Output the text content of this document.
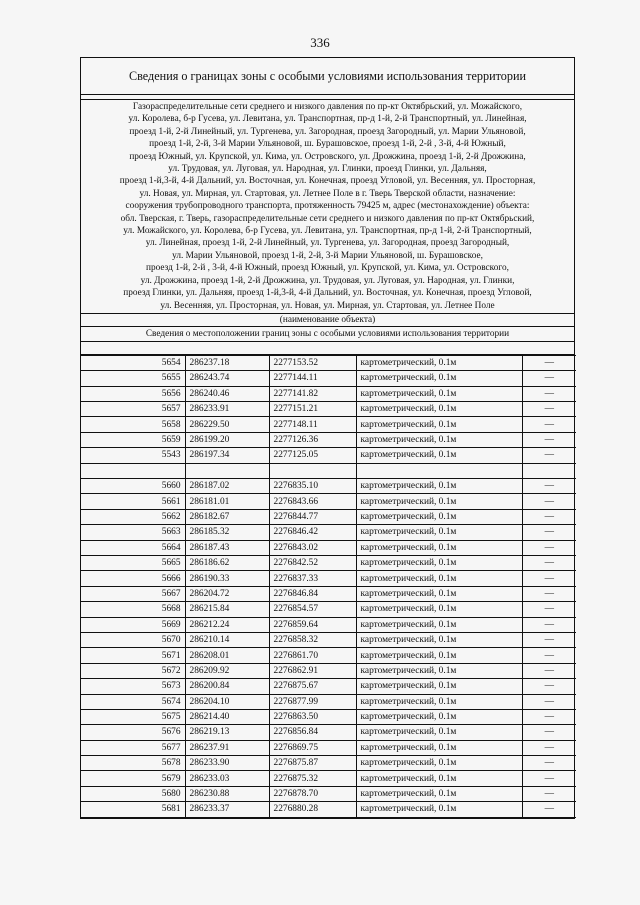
336
Сведения о границах зоны с особыми условиями использования территории
Газораспределительные сети среднего и низкого давления по пр-кт Октябрьский, ул. Можайского,
ул. Королева, б-р Гусева, ул. Левитана, ул. Транспортная, пр-д 1-й, 2-й Транспортный, ул. Линейная,
проезд 1-й, 2-й Линейный, ул. Тургенева, ул. Загородная, проезд Загородный, ул. Марии Ульяновой,
проезд 1-й, 2-й, 3-й Марии Ульяновой, ш. Бурашовское, проезд 1-й, 2-й , 3-й, 4-й Южный,
проезд Южный, ул. Крупской, ул. Кима, ул. Островского, ул. Дрожжина, проезд 1-й, 2-й Дрожжина,
ул. Трудовая, ул. Луговая, ул. Народная, ул. Глинки, проезд Глинки, ул. Дальняя,
проезд 1-й,3-й, 4-й Дальний, ул. Восточная, ул. Конечная, проезд Угловой, ул. Весенняя, ул. Просторная,
ул. Новая, ул. Мирная, ул. Стартовая, ул. Летнее Поле в г. Тверь Тверской области, назначение:
сооружения трубопроводного транспорта, протяженность 79425 м, адрес (местонахождение) объекта:
обл. Тверская, г. Тверь, газораспределительные сети среднего и низкого давления по пр-кт Октябрьский,
ул. Можайского, ул. Королева, б-р Гусева, ул. Левитана, ул. Транспортная, пр-д 1-й, 2-й Транспортный,
ул. Линейная, проезд 1-й, 2-й Линейный, ул. Тургенева, ул. Загородная, проезд Загородный,
ул. Марии Ульяновой, проезд 1-й, 2-й, 3-й Марии Ульяновой, ш. Бурашовское,
проезд 1-й, 2-й , 3-й, 4-й Южный, проезд Южный, ул. Крупской, ул. Кима, ул. Островского,
ул. Дрожжина, проезд 1-й, 2-й Дрожжина, ул. Трудовая, ул. Луговая, ул. Народная, ул. Глинки,
проезд Глинки, ул. Дальняя, проезд 1-й,3-й, 4-й Дальний, ул. Восточная, ул. Конечная, проезд Угловой,
ул. Весенняя, ул. Просторная, ул. Новая, ул. Мирная, ул. Стартовая, ул. Летнее Поле
(наименование объекта)
Сведения о местоположении границ зоны с особыми условиями использования территории
5654	286237.18	2277153.52	картометрический, 0.1м	—
5655	286243.74	2277144.11	картометрический, 0.1м	—
5656	286240.46	2277141.82	картометрический, 0.1м	—
5657	286233.91	2277151.21	картометрический, 0.1м	—
5658	286229.50	2277148.11	картометрический, 0.1м	—
5659	286199.20	2277126.36	картометрический, 0.1м	—
5543	286197.34	2277125.05	картометрический, 0.1м	—

5660	286187.02	2276835.10	картометрический, 0.1м	—
5661	286181.01	2276843.66	картометрический, 0.1м	—
5662	286182.67	2276844.77	картометрический, 0.1м	—
5663	286185.32	2276846.42	картометрический, 0.1м	—
5664	286187.43	2276843.02	картометрический, 0.1м	—
5665	286186.62	2276842.52	картометрический, 0.1м	—
5666	286190.33	2276837.33	картометрический, 0.1м	—
5667	286204.72	2276846.84	картометрический, 0.1м	—
5668	286215.84	2276854.57	картометрический, 0.1м	—
5669	286212.24	2276859.64	картометрический, 0.1м	—
5670	286210.14	2276858.32	картометрический, 0.1м	—
5671	286208.01	2276861.70	картометрический, 0.1м	—
5672	286209.92	2276862.91	картометрический, 0.1м	—
5673	286200.84	2276875.67	картометрический, 0.1м	—
5674	286204.10	2276877.99	картометрический, 0.1м	—
5675	286214.40	2276863.50	картометрический, 0.1м	—
5676	286219.13	2276856.84	картометрический, 0.1м	—
5677	286237.91	2276869.75	картометрический, 0.1м	—
5678	286233.90	2276875.87	картометрический, 0.1м	—
5679	286233.03	2276875.32	картометрический, 0.1м	—
5680	286230.88	2276878.70	картометрический, 0.1м	—
5681	286233.37	2276880.28	картометрический, 0.1м	—
